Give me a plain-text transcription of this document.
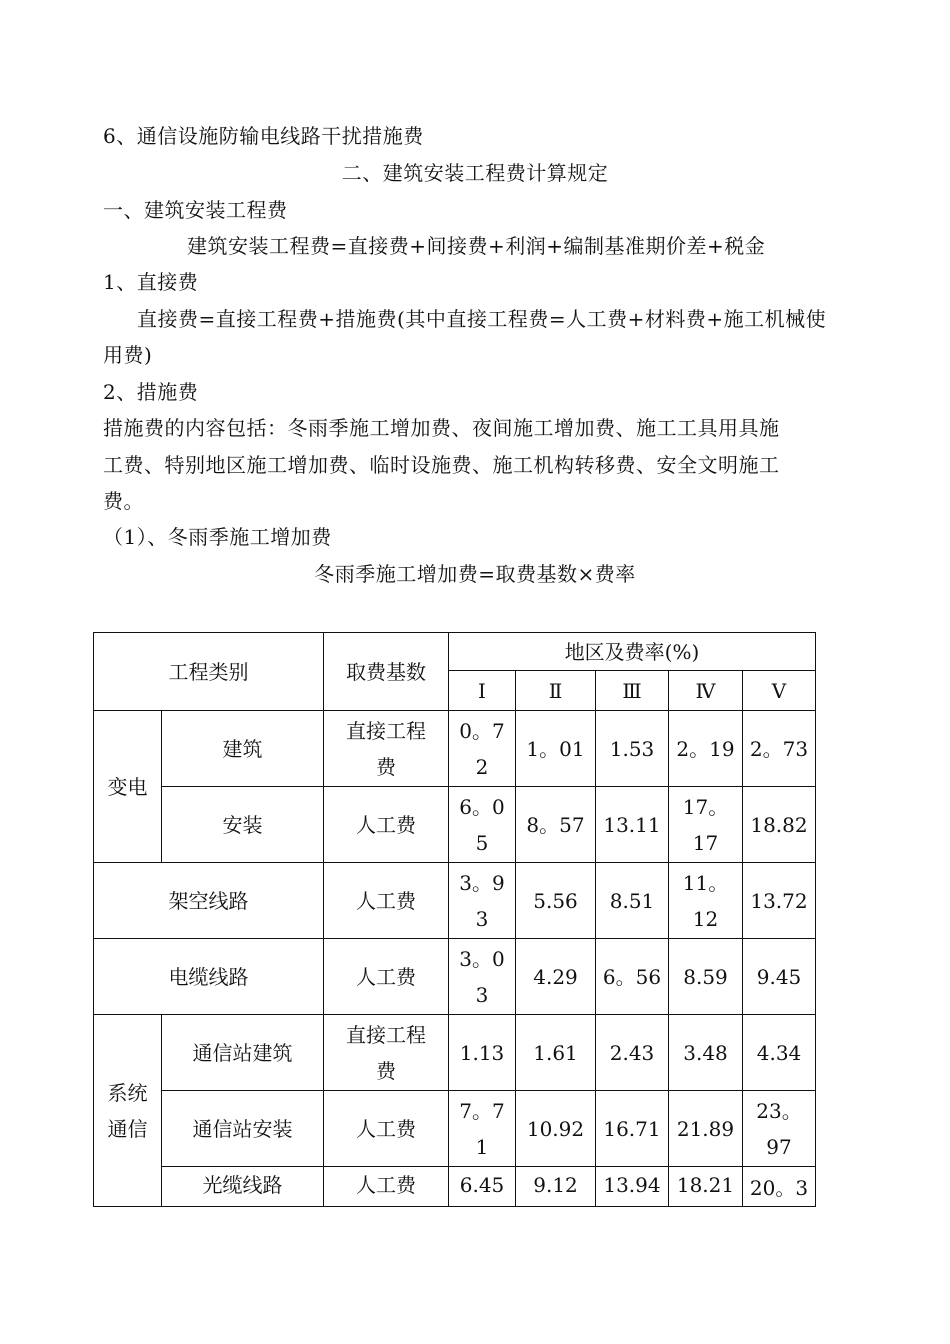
6、通信设施防输电线路干扰措施费
二、建筑安装工程费计算规定
一、建筑安装工程费
建筑安装工程费=直接费+间接费+利润+编制基准期价差+税金
1、直接费
直接费=直接工程费+措施费(其中直接工程费=人工费+材料费+施工机械使
用费)
2、措施费
措施费的内容包括：冬雨季施工增加费、夜间施工增加费、施工工具用具施
工费、特别地区施工增加费、临时设施费、施工机构转移费、安全文明施工
费。
（1）、冬雨季施工增加费
冬雨季施工增加费=取费基数×费率
工程类别		取费基数	地区及费率(%)				
			Ⅰ	Ⅱ	Ⅲ	Ⅳ	Ⅴ
变电	建筑	直接工程费	0。72	1。01	1.53	2。19	2。73
	安装	人工费	6。05	8。57	13.11	17。17	18.82
架空线路		人工费	3。93	5.56	8.51	11。12	13.72
电缆线路		人工费	3。03	4.29	6。56	8.59	9.45
系统通信	通信站建筑	直接工程费	1.13	1.61	2.43	3.48	4.34
	通信站安装	人工费	7。71	10.92	16.71	21.89	23。97
	光缆线路	人工费	6.45	9.12	13.94	18.21	20。3
